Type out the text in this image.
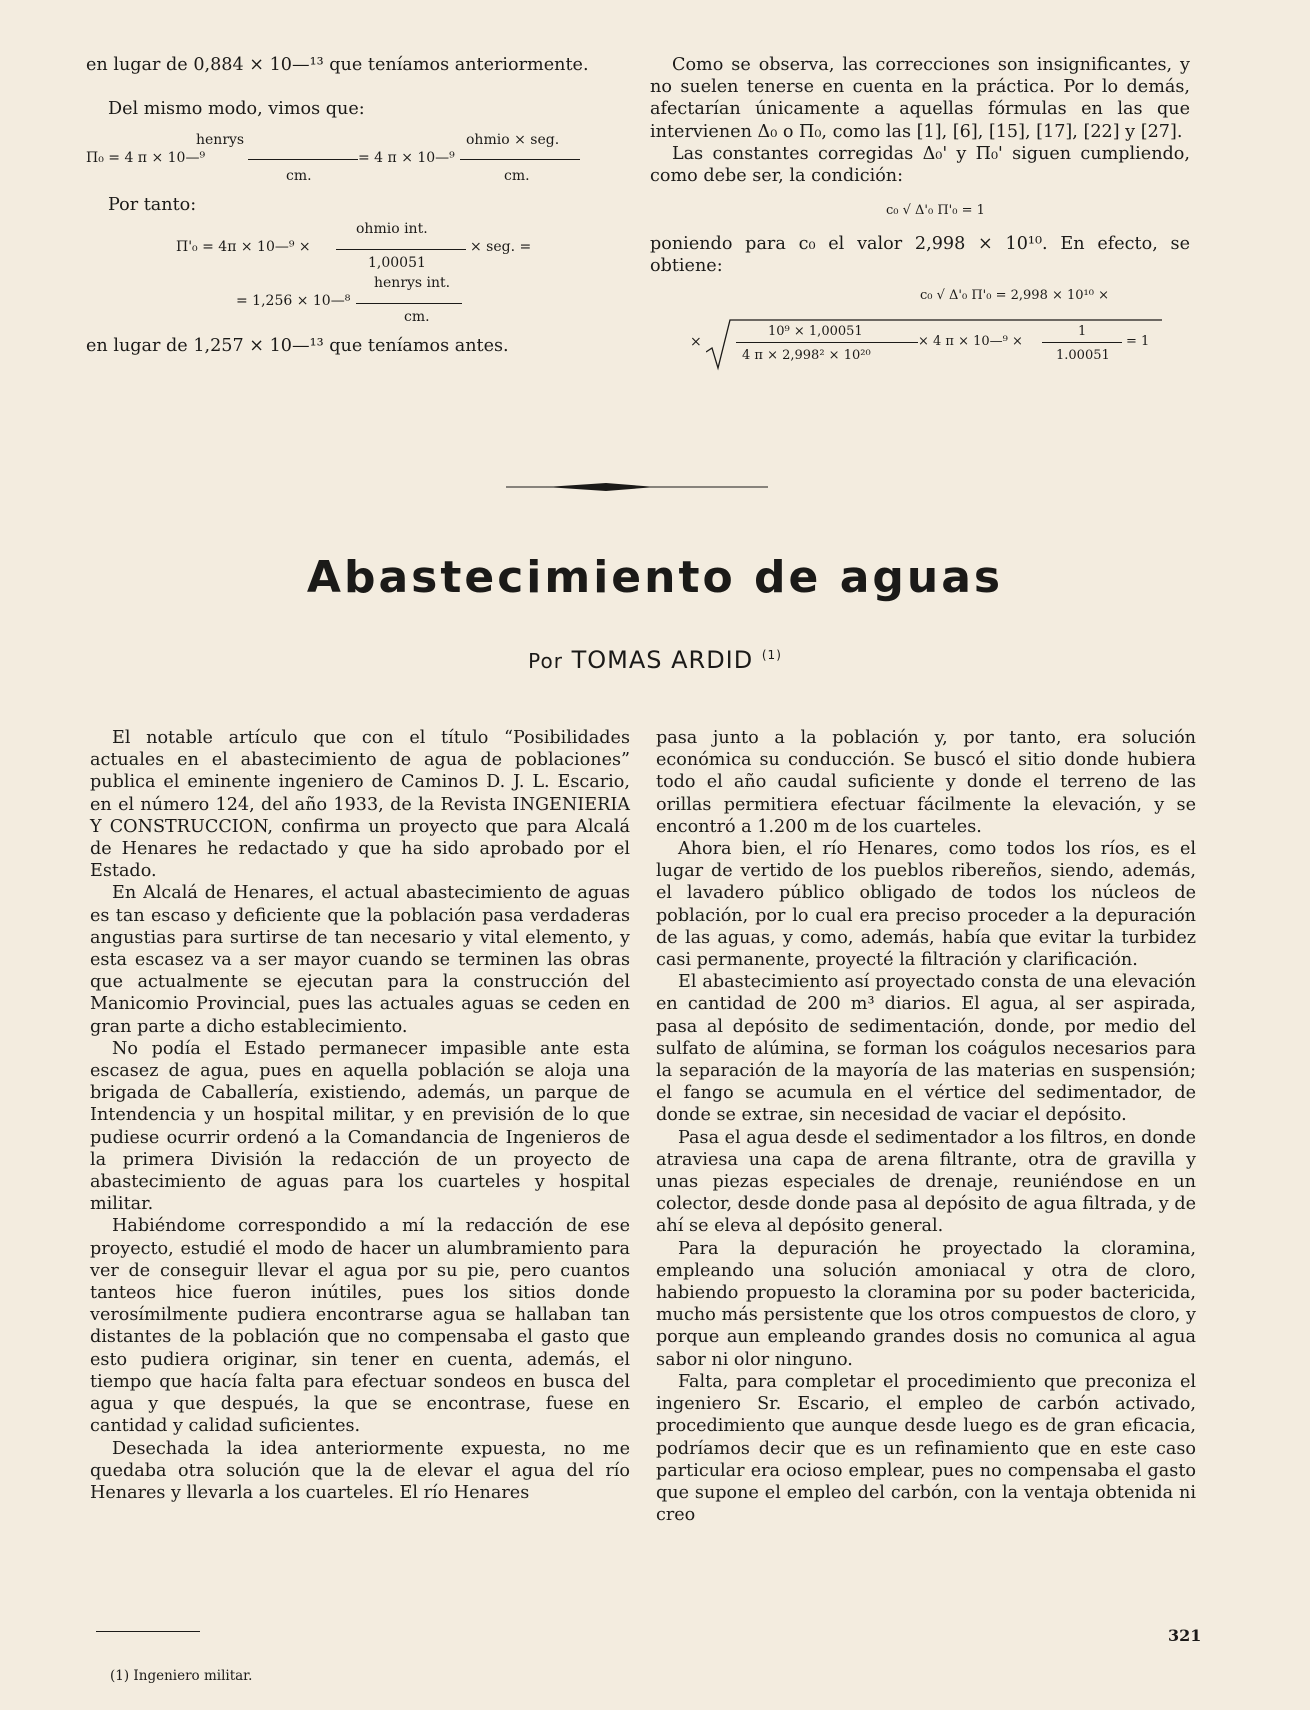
en lugar de 0,884 × 10—¹³ que teníamos anteriormente.

Del mismo modo, vimos que:

henrys
Π₀ = 4 π × 10—⁹
cm.
= 4 π × 10—⁹
ohmio × seg.
cm.

Por tanto:

ohmio int.
Π'₀ = 4π × 10—⁹ ×
1,00051
× seg. =
henrys int.
= 1,256 × 10—⁸
cm.

en lugar de 1,257 × 10—¹³ que teníamos antes.

Como se observa, las correcciones son insignificantes, y no suelen tenerse en cuenta en la práctica. Por lo demás, afectarían únicamente a aquellas fórmulas en las que intervienen Δ₀ o Π₀, como las [1], [6], [15], [17], [22] y [27].

Las constantes corregidas Δ₀' y Π₀' siguen cumpliendo, como debe ser, la condición:

c₀ √ Δ'₀ Π'₀ = 1

poniendo para c₀ el valor 2,998 × 10¹⁰. En efecto, se obtiene:

c₀ √ Δ'₀ Π'₀ = 2,998 × 10¹⁰ ×
×
10⁹ × 1,00051
4 π × 2,998² × 10²⁰
× 4 π × 10—⁹ ×
1
1.00051
= 1
Abastecimiento de aguas
Por TOMAS ARDID $^{(1)}$

El notable artículo que con el título “Posibilidades actuales en el abastecimiento de agua de poblaciones” publica el eminente ingeniero de Caminos D. J. L. Escario, en el número 124, del año 1933, de la Revista INGENIERIA Y CONSTRUCCION, confirma un proyecto que para Alcalá de Henares he redactado y que ha sido aprobado por el Estado.

En Alcalá de Henares, el actual abastecimiento de aguas es tan escaso y deficiente que la población pasa verdaderas angustias para surtirse de tan necesario y vital elemento, y esta escasez va a ser mayor cuando se terminen las obras que actualmente se ejecutan para la construcción del Manicomio Provincial, pues las actuales aguas se ceden en gran parte a dicho establecimiento.

No podía el Estado permanecer impasible ante esta escasez de agua, pues en aquella población se aloja una brigada de Caballería, existiendo, además, un parque de Intendencia y un hospital militar, y en previsión de lo que pudiese ocurrir ordenó a la Comandancia de Ingenieros de la primera División la redacción de un proyecto de abastecimiento de aguas para los cuarteles y hospital militar.

Habiéndome correspondido a mí la redacción de ese proyecto, estudié el modo de hacer un alumbramiento para ver de conseguir llevar el agua por su pie, pero cuantos tanteos hice fueron inútiles, pues los sitios donde verosímilmente pudiera encontrarse agua se hallaban tan distantes de la población que no compensaba el gasto que esto pudiera originar, sin tener en cuenta, además, el tiempo que hacía falta para efectuar sondeos en busca del agua y que después, la que se encontrase, fuese en cantidad y calidad suficientes.

Desechada la idea anteriormente expuesta, no me quedaba otra solución que la de elevar el agua del río Henares y llevarla a los cuarteles. El río Henares

pasa junto a la población y, por tanto, era solución económica su conducción. Se buscó el sitio donde hubiera todo el año caudal suficiente y donde el terreno de las orillas permitiera efectuar fácilmente la elevación, y se encontró a 1.200 m de los cuarteles.

Ahora bien, el río Henares, como todos los ríos, es el lugar de vertido de los pueblos ribereños, siendo, además, el lavadero público obligado de todos los núcleos de población, por lo cual era preciso proceder a la depuración de las aguas, y como, además, había que evitar la turbidez casi permanente, proyecté la filtración y clarificación.

El abastecimiento así proyectado consta de una elevación en cantidad de 200 m³ diarios. El agua, al ser aspirada, pasa al depósito de sedimentación, donde, por medio del sulfato de alúmina, se forman los coágulos necesarios para la separación de la mayoría de las materias en suspensión; el fango se acumula en el vértice del sedimentador, de donde se extrae, sin necesidad de vaciar el depósito.

Pasa el agua desde el sedimentador a los filtros, en donde atraviesa una capa de arena filtrante, otra de gravilla y unas piezas especiales de drenaje, reuniéndose en un colector, desde donde pasa al depósito de agua filtrada, y de ahí se eleva al depósito general.

Para la depuración he proyectado la cloramina, empleando una solución amoniacal y otra de cloro, habiendo propuesto la cloramina por su poder bactericida, mucho más persistente que los otros compuestos de cloro, y porque aun empleando grandes dosis no comunica al agua sabor ni olor ninguno.

Falta, para completar el procedimiento que preconiza el ingeniero Sr. Escario, el empleo de carbón activado, procedimiento que aunque desde luego es de gran eficacia, podríamos decir que es un refinamiento que en este caso particular era ocioso emplear, pues no compensaba el gasto que supone el empleo del carbón, con la ventaja obtenida ni creo

(1) Ingeniero militar.
321
